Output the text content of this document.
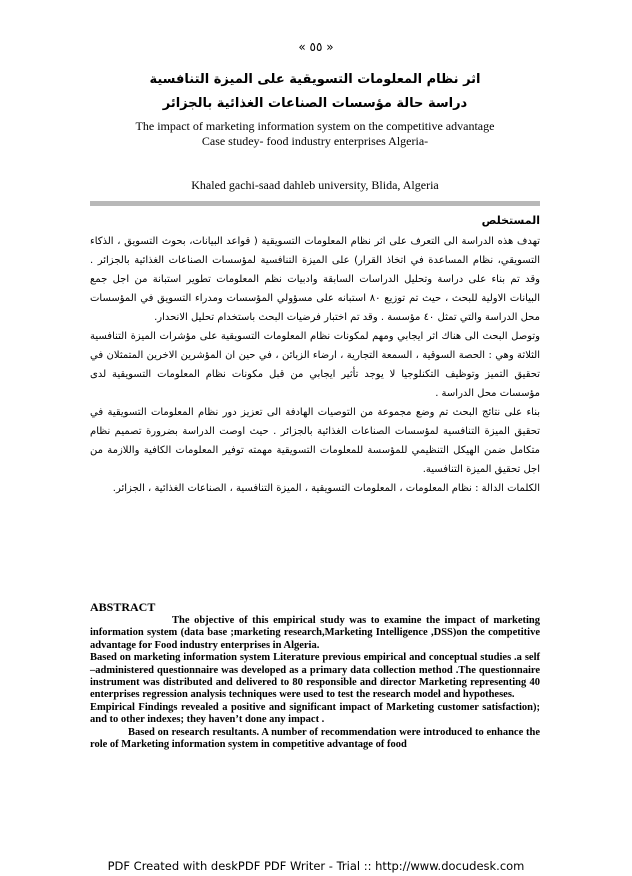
« ٥٥ »
اثر نظام المعلومات التسويقية على الميزة التنافسية
دراسة حالة مؤسسات الصناعات الغذائية بالجزائر
The impact of marketing information system on the competitive advantage
Case studey- food industry enterprises Algeria-
Khaled gachi-saad dahleb university, Blida, Algeria

المستخلص

تهدف هذه الدراسة الى التعرف على اثر نظام المعلومات التسويقية ( قواعد البيانات، بحوث التسويق ، الذكاء التسويقي، نظام المساعدة في اتخاذ القرار) على الميزة التنافسية لمؤسسات الصناعات الغذائية بالجزائر . وقد تم بناء على دراسة وتحليل الدراسات السابقة وادبيات نظم المعلومات تطوير استبانة من اجل جمع البيانات الاولية للبحث ، حيث تم توزيع ٨٠ استبانه على مسؤولي المؤسسات ومدراء التسويق في المؤسسات محل الدراسة والتي تمثل ٤٠ مؤسسة . وقد تم اختبار فرضيات البحث باستخدام تحليل الانحدار.

وتوصل البحث الى هناك اثر ايجابي ومهم لمكونات نظام المعلومات التسويقية على مؤشرات الميزة التنافسية الثلاثة وهي : الحصة السوقية ، السمعة التجارية ، ارضاء الزبائن ، في حين ان المؤشرين الاخرين المتمثلان في تحقيق التميز وتوظيف التكنلوجيا لا يوجد تأثير ايجابي من قبل مكونات نظام المعلومات التسويقية لدى مؤسسات محل الدراسة .

بناء على نتائج البحث تم وضع مجموعة من التوصيات الهادفة الى تعزيز دور نظام المعلومات التسويقية في تحقيق الميزة التنافسية لمؤسسات الصناعات الغذائية بالجزائر . حيث اوصت الدراسة بضرورة تصميم نظام متكامل ضمن الهيكل التنظيمي للمؤسسة للمعلومات التسويقية مهمته توفير المعلومات الكافية واللازمة من اجل تحقيق الميزة التنافسية.

الكلمات الدالة : نظام المعلومات ، المعلومات التسويقية ، الميزة التنافسية ، الصناعات الغذائية ، الجزائر.

ABSTRACT

The objective of this empirical study was to examine the impact of marketing information system (data base ;marketing research,Marketing Intelligence ,DSS)on the competitive advantage for Food industry enterprises in Algeria.

Based on marketing information system Literature previous empirical and conceptual studies .a self –administered questionnaire was developed as a primary data collection method .The questionnaire instrument was distributed and delivered to 80 responsible and director Marketing representing 40 enterprises regression analysis techniques were used to test the research model and hypotheses.

Empirical Findings revealed a positive and significant impact of Marketing customer satisfaction); and to other indexes; they haven’t done any impact .

Based on research resultants. A number of recommendation were introduced to enhance the role of Marketing information system in competitive advantage of food

PDF Created with deskPDF PDF Writer - Trial :: http://www.docudesk.com
